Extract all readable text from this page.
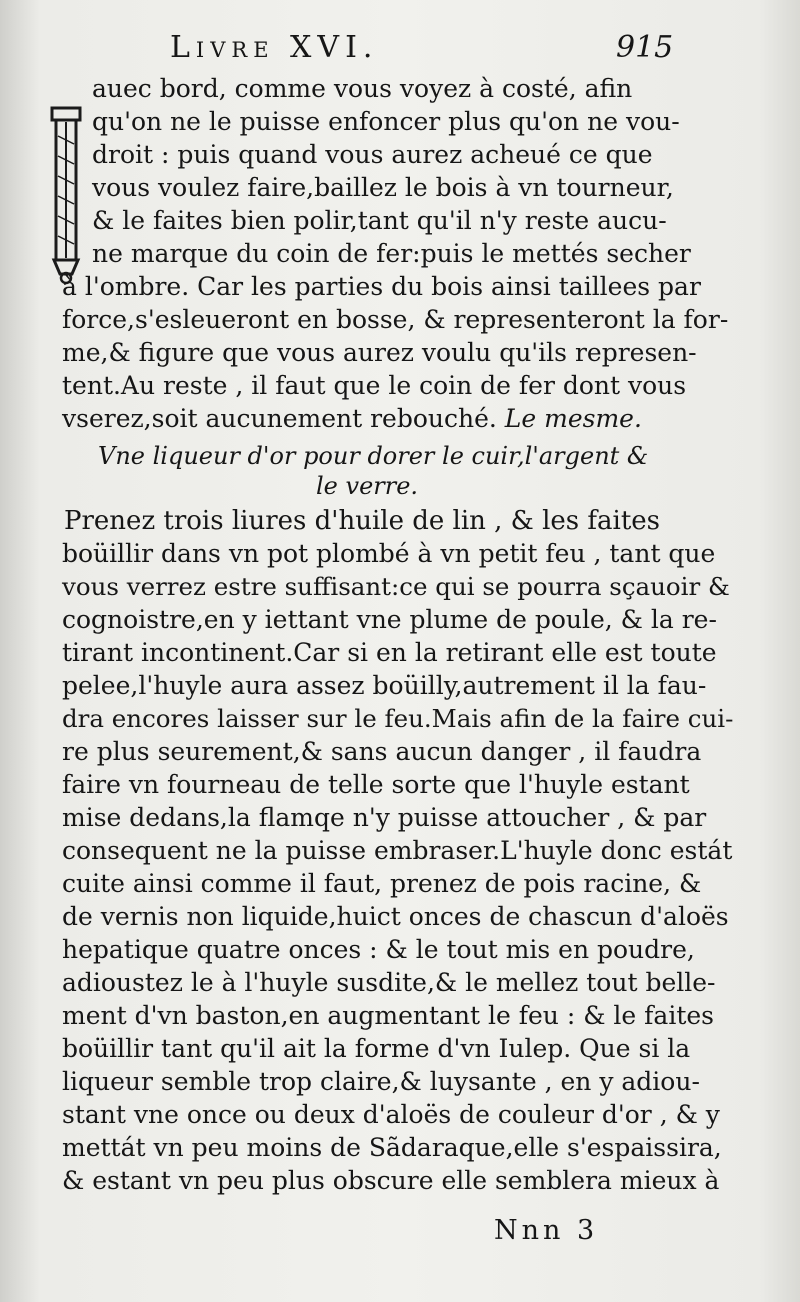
Livre XVI.	915
auec bord, comme vous voyez à costé, afin
qu'on ne le puisse enfoncer plus qu'on ne vou-
droit : puis quand vous aurez acheué ce que
vous voulez faire,baillez le bois à vn tourneur,
& le faites bien polir,tant qu'il n'y reste aucu-
ne marque du coin de fer:puis le mettés secher
à l'ombre. Car les parties du bois ainsi taillees par
force,s'esleueront en bosse, & representeront la for-
me,& figure que vous aurez voulu qu'ils represen-
tent.Au reste , il faut que le coin de fer dont vous
vserez,soit aucunement rebouché. Le mesme.
Vne liqueur d'or pour dorer le cuir,l'argent &
le verre.
Prenez trois liures d'huile de lin , & les faites
boüillir dans vn pot plombé à vn petit feu , tant que
vous verrez estre suffisant:ce qui se pourra sçauoir &
cognoistre,en y iettant vne plume de poule, & la re-
tirant incontinent.Car si en la retirant elle est toute
pelee,l'huyle aura assez boüilly,autrement il la fau-
dra encores laisser sur le feu.Mais afin de la faire cui-
re plus seurement,& sans aucun danger , il faudra
faire vn fourneau de telle sorte que l'huyle estant
mise dedans,la flamqe n'y puisse attoucher , & par
consequent ne la puisse embraser.L'huyle donc estát
cuite ainsi comme il faut, prenez de pois racine, &
de vernis non liquide,huict onces de chascun d'aloës
hepatique quatre onces : & le tout mis en poudre,
adioustez le à l'huyle susdite,& le mellez tout belle-
ment d'vn baston,en augmentant le feu : & le faites
boüillir tant qu'il ait la forme d'vn Iulep. Que si la
liqueur semble trop claire,& luysante , en y adiou-
stant vne once ou deux d'aloës de couleur d'or , & y
mettát vn peu moins de Sãdaraque,elle s'espaissira,
& estant vn peu plus obscure elle semblera mieux à
Nnn 3
